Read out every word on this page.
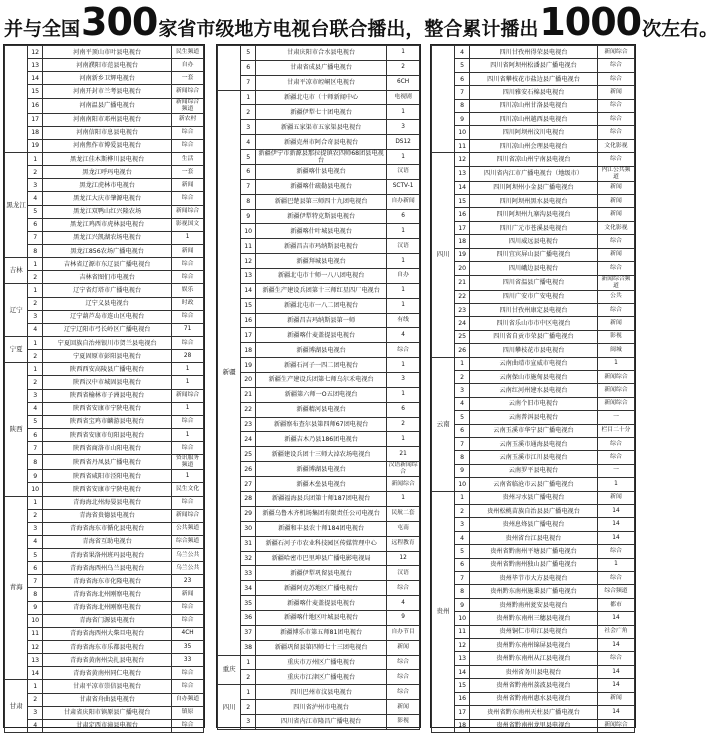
并与全国 300 家省市级地方电视台联合播出，整合累计播出 1000 次左右。
	12	河南平顶山市叶县电视台	民生频道
	13	河南濮阳市范县电视台	自办
	14	河南新乡卫辉电视台	一套
	15	河南开封市兰考县电视台	新闻综合
	16	河南温县广播电视台	新闻综合频道
	17	河南南阳市邓州县电视台	新农村
	18	河南信阳市息县电视台	综合
	19	河南焦作市博爱县电视台	综合
黑龙江	1	黑龙江佳木斯桦川县电视台	生活
	2	黑龙江呼玛电视台	一套
	3	黑龙江虎林市电视台	新闻
	4	黑龙江大庆市肇源电视台	综合
	5	黑龙江双鸭山红兴隆农场	新闻综合
	6	黑龙江鸡西市虎林县电视台	影视国文
	7	黑龙江兴凯湖农场电视台	1
	8	黑龙江856农场广播电视台	新闻
吉林	1	吉林省辽源市东辽县广播电视台	综合
	2	吉林省图们市电视台	综合
辽宁	1	辽宁省灯塔市广播电视台	娱乐
	2	辽宁义县电视台	时政
	3	辽宁葫芦岛市连山区电视台	综合
	4	辽宁辽阳市弓长岭区广播电视台	71
宁夏	1	宁夏回族自治州银川市贺兰县电视台	综合
	2	宁夏固原市彭阳县电视台	28
陕西	1	陕西西安高陵县广播电视台	1
	2	陕西汉中市城固县电视台	1
	3	陕西省榆林市子洲县电视台	新闻综合
	4	陕西省安康市宁陕电视台	1
	5	陕西省宝鸡市麟游县电视台	综合
	6	陕西省安康市旬阳县电视台	1
	7	陕西省商洛市山阳电视台	综合
	8	陕西省丹凤县广播电视台	资讯服务频道
	9	陕西省咸阳市泾阳电视台	1
	10	陕西省安康市宁陕电视台	民生文化
青海	1	青海海北州海晏县电视台	综合
	2	青海省贵德县电视台	新闻综合
	3	青海省海东市循化县电视台	公共频道
	4	青海省互助电视台	综合频道
	5	青海省果洛州班玛县电视台	乌兰公共
	6	青海省海西州乌兰县电视台	乌兰公共
	7	青海省海东市化隆电视台	23
	8	青海省海北州刚察电视台	新闻
	9	青海省海北州刚察电视台	综合
	10	青海省门源县电视台	综合
	11	青海省海西州大柴旦电视台	4CH
	12	青海省海东市乐都县电视台	35
	13	青海省黄南州尖扎县电视台	33
	14	青海省黄南州同仁电视台	综合
甘肃	1	甘肃平凉市崇信县电视台	综合
	2	甘肃省舟曲县电视台	自办频道
	3	甘肃省庆阳市镇原县广播电视台	镇原
	4	甘肃定西市漳县电视台	综合
	5	甘肃庆阳市合水县电视台	1
	6	甘肃省成县广播电视台	2
	7	甘肃平凉市崆峒区电视台	6CH
新疆	1	新疆北屯市（十师新闻中心	电视剧
	2	新疆伊犁七十团电视台	1
	3	新疆五家渠市五家渠县电视台	3
	4	新疆克州市阿合奇县电视台	DS12
	5	新疆伊宁市新源县那拉提镇农四师68团县电视台	1
	6	新疆喀什县电视台	汉语
	7	新疆喀什疏勒县电视台	SCTV-1
	8	新疆巴楚县第三师四十九团电视台	自办新闻
	9	新疆伊犁特克斯县电视台	6
	10	新疆喀什叶城县电视台	1
	11	新疆昌吉市玛纳斯县电视台	汉语
	12	新疆拜城县电视台	1
	13	新疆北屯市十师一八八团电视台	自办
	14	新疆生产建设兵团第十三师红星四厂电视台	1
	15	新疆北屯市一八二团电视台	1
	16	新疆昌吉玛纳斯县第一师	有线
	17	新疆喀什麦盖提县电视台	4
	18	新疆博湖县电视台	综合
	19	新疆石河子一四二团电视台	1
	20	新疆生产建设兵团第七师乌尔禾电视台	3
	21	新疆第六师一O五团电视台	1
	22	新疆精河县电视台	6
	23	新疆察布查尔县第四师67团电视台	2
	24	新疆吉木乃县186团电视台	1
	25	新疆建设兵团十三师大淖农场电视台	21
	26	新疆博湖县电视台	汉语新闻综合
	27	新疆木垒县电视台	新闻综合
	28	新疆福海县兵团第十师187团电视台	1
	29	新疆乌鲁木齐机场集团有限责任公司电视台	民航二套
	30	新疆和丰县农十师184团电视台	屯南
	31	新疆石河子市农业科技园区传媒管理中心	远程教育
	32	新疆哈密市巴里坤县广播电影电视局	12
	33	新疆伊犁巩留县电视台	汉语
	34	新疆阿克苏地区广播电视台	综合
	35	新疆喀什麦盖提县电视台	4
	36	新疆喀什地区叶城县电视台	9
	37	新疆博乐市第五师81团电视台	自办节目
	38	新疆巩留县第四师七十三团电视台	新闻
重庆	1	重庆市万州区广播电视台	综合
	2	重庆市江津区广播电视台	综合
四川	1	四川巴州市汶县电视台	综合
	2	四川省泸州市电视台	新闻
	3	四川省内江市隆昌广播电视台	影视
	4	四川甘孜州得荣县电视台	新闻综合
	5	四川省阿坝州松潘县广播电视台	综合
	6	四川省攀枝花市盐边县广播电视台	综合
	7	四川雅安石棉县电视台	新闻
	8	四川凉山州甘洛县电视台	综合
	9	四川凉山州越西县电视台	综合
	10	四川阿坝州汶川电视台	综合
	11	四川凉山州会理县电视台	文化影视
四川	12	四川省凉山州宁南县电视台	综合
	13	四川省内江市广播电视台（地级市）	内江公共频道
	14	四川阿坝州小金县广播电视台	新闻
	15	四川阿坝州黑水县电视台	新闻
	16	四川阿坝州九寨沟县电视台	新闻
	17	四川广元市苍溪县电视台	文化影视
	18	四川威远县电视台	综合
	19	四川宜宾屏山县广播电视台	新闻
	20	四川峨边县电视台	综合
	21	四川省温县广播电视台	新闻综合频道
	22	四川广安市广安电视台	公共
	23	四川甘孜州康定县电视台	综合
	24	四川省乐山市市中区电视台	新闻
	25	四川省自贡市荣县广播电视台	影视
	26	四川攀枝花市县电视台	闽城
云南	1	云南曲靖市宣威市电视台	1
	2	云南保山市施甸县电视台	新闻综合
	3	云南红河州建水县电视台	新闻综合
	4	云南个旧市电视台	新闻综合
	5	云南普洱县电视台	一
	6	云南玉溪市华宁县广播电视台	栏目二十分
	7	云南玉溪市通海县电视台	综合
	8	云南玉溪市江川县电视台	综合
	9	云南罗平县电视台	一
	10	云南省临沧市云县广播电视台	1
贵州	1	贵州习水县广播电视台	新闻
	2	贵州松桃苗族自治县县广播电视台	14
	3	贵州息烽县广播电视台	14
	4	贵州省台江县电视台	14
	5	贵州省黔南州平塘县广播电视台	综合
	6	贵州省黔南州独山县广播电视台	1
	7	贵州毕节市大方县电视台	综合
	8	贵州黔东南州施秉县广播电视台	综合频道
	9	贵州黔南州瓮安县电视台	都市
	10	贵州黔东南州三穗县电视台	14
	11	贵州铜仁市印江县电视台	社会广角
	12	贵州黔东南州锦屏县电视台	14
	13	贵州黔东南州从江县电视台	综合
	14	贵州省务川县电视台	14
	15	贵州省黔南州荔波县电视台	14
	16	贵州省黔南州惠水县电视台	新闻
	17	贵州省黔东南州天柱县广播电视台	14
	18	贵州省黔南州龙里县电视台	新闻综合
